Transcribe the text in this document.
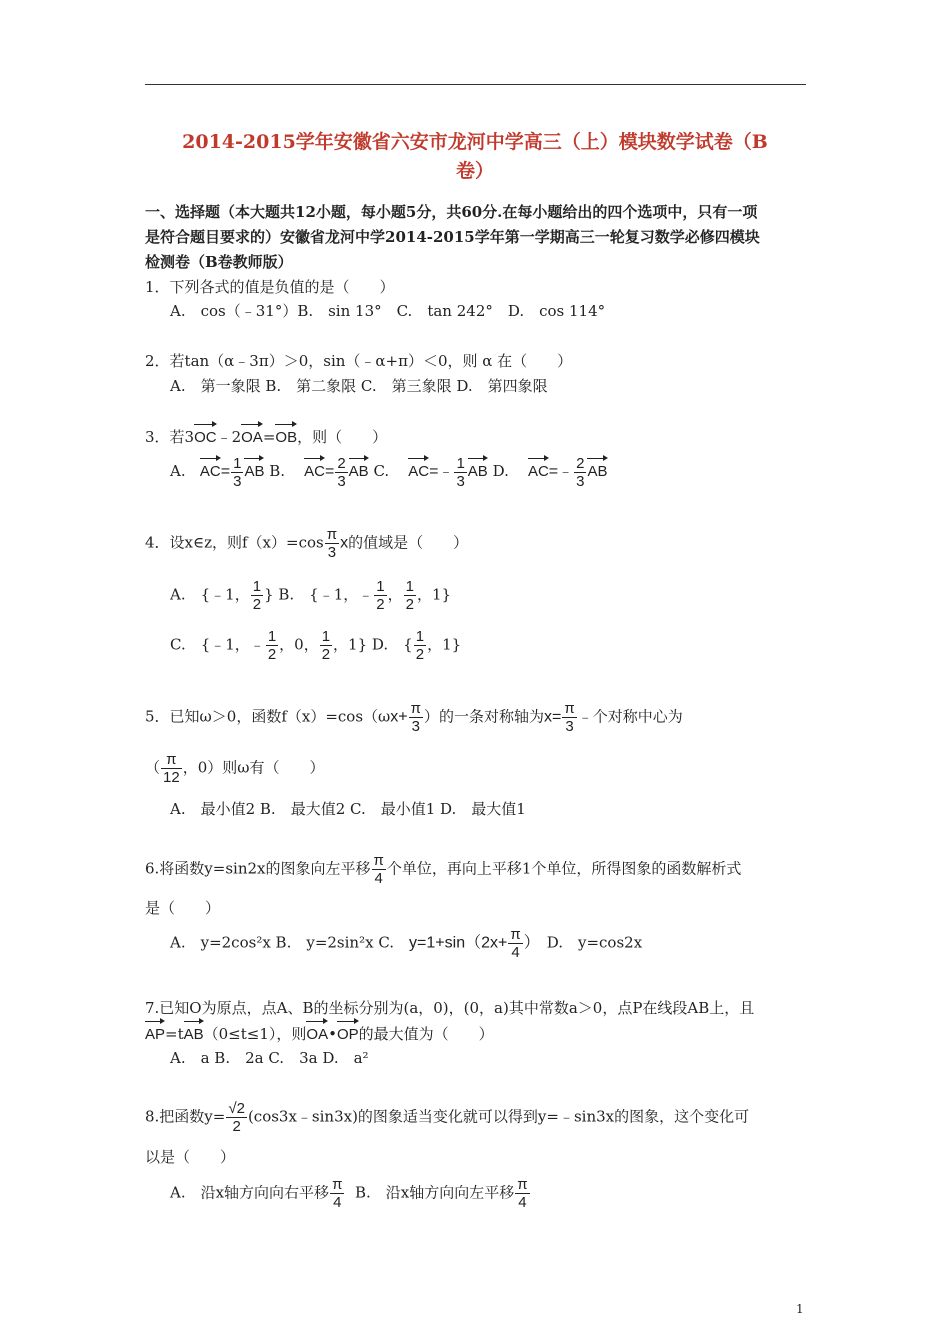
2014-2015学年安徽省六安市龙河中学高三（上）模块数学试卷（B
卷）
一、选择题（本大题共12小题，每小题5分，共60分.在每小题给出的四个选项中，只有一项
是符合题目要求的）安徽省龙河中学2014-2015学年第一学期高三一轮复习数学必修四模块
检测卷（B卷教师版）
1．下列各式的值是负值的是（　　）
A.　cos（﹣31°）B.　sin 13°　C.　tan 242°　D.　cos 114°
2．若tan（α﹣3π）＞0，sin（﹣α+π）＜0，则 α 在（　　）
A.　第一象限 B.　第二象限 C.　第三象限 D.　第四象限
3．若3OC﹣2OA=OB，则（　　）
A. $AC= \frac{1}{3}$ AB B. $AC= \frac{2}{3}$ AB C. AC=﹣ $\frac{1}{3}$ AB D. AC=﹣ $\frac{2}{3}$ AB
4．设x∈z，则$f(x)=\cos \frac{\pi}{3}$ x的值域是（　　）
A.　{﹣1， $\frac{1}{2}$ } B.　{﹣1，﹣ $\frac{1}{2}$ ， $\frac{1}{2}$ ，1}
C.　{﹣1，﹣ $\frac{1}{2}$ ，0， $\frac{1}{2}$ ，1} D.　{ $\frac{1}{2}$ ，1}
5．已知ω＞0，函数$f(x)=\cos(\omega x+ \frac{\pi}{3}$ ）的一条对称轴为$x= \frac{\pi}{3}$ ﹣个对称中心为
（ $\frac{\pi}{12}$ ，0）则ω有（　　）
A.　最小值2 B.　最大值2 C.　最小值1 D.　最大值1
6.将函数y=sin2x的图象向左平移 $\frac{\pi}{4}$ 个单位，再向上平移1个单位，所得图象的函数解析式
是（　　）
A.　y=2cos²x B.　y=2sin²x C.　$y=1+\sin(2x+ \frac{\pi}{4}$ ）　D.　y=cos2x
7.已知O为原点，点A、B的坐标分别为(a，0)，(0，a)其中常数a＞0，点P在线段AB上，且
AP=tAB（0≤t≤1），则OA•OP的最大值为（　　）
A.　a B.　2a C.　3a D.　a²
8.把函数$y= \frac{√2}{2}$ (cos3x﹣sin3x)的图象适当变化就可以得到y=﹣sin3x的图象，这个变化可
以是（　　）
A.　沿x轴方向向右平移 $\frac{\pi}{4} B$.　沿x轴方向向左平移 $\frac{\pi}{4}$
1
